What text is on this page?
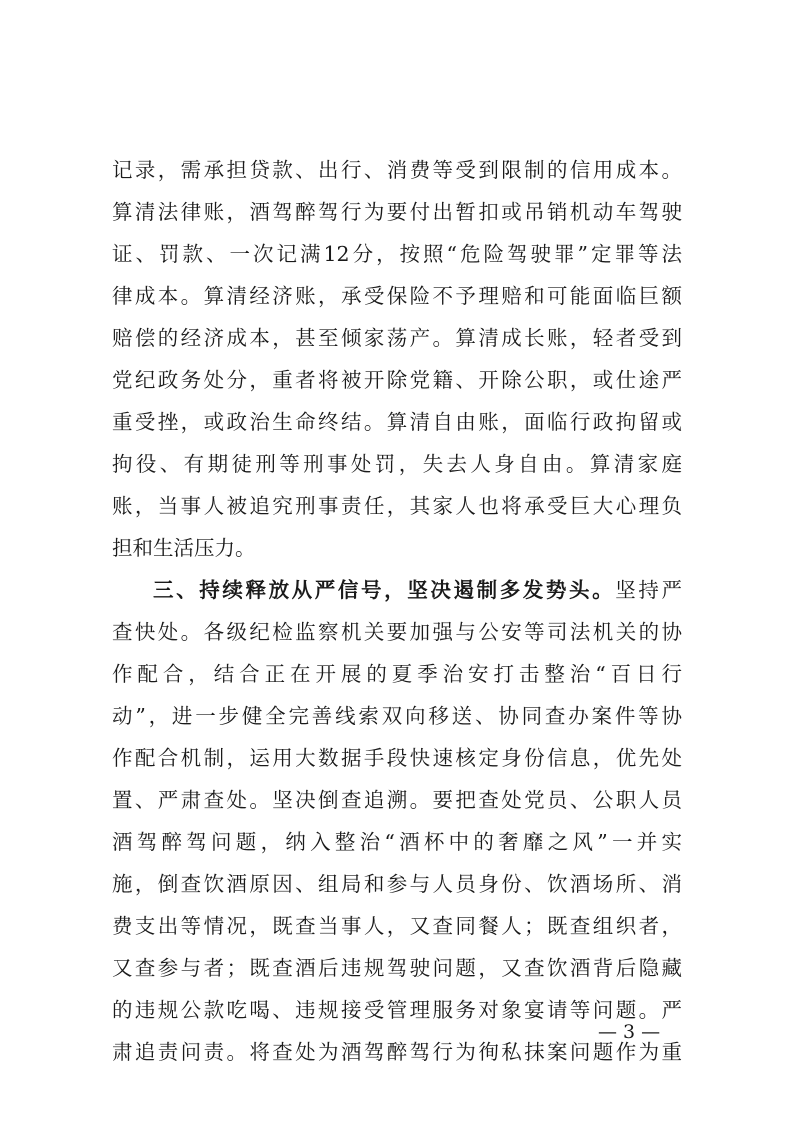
记录，需承担贷款、出行、消费等受到限制的信用成本。
算清法律账，酒驾醉驾行为要付出暂扣或吊销机动车驾驶
证、罚款、一次记满12分，按照“危险驾驶罪”定罪等法
律成本。算清经济账，承受保险不予理赔和可能面临巨额
赔偿的经济成本，甚至倾家荡产。算清成长账，轻者受到
党纪政务处分，重者将被开除党籍、开除公职，或仕途严
重受挫，或政治生命终结。算清自由账，面临行政拘留或
拘役、有期徒刑等刑事处罚，失去人身自由。算清家庭
账，当事人被追究刑事责任，其家人也将承受巨大心理负
担和生活压力。
三、持续释放从严信号，坚决遏制多发势头。坚持严
查快处。各级纪检监察机关要加强与公安等司法机关的协
作配合，结合正在开展的夏季治安打击整治“百日行
动”，进一步健全完善线索双向移送、协同查办案件等协
作配合机制，运用大数据手段快速核定身份信息，优先处
置、严肃查处。坚决倒查追溯。要把查处党员、公职人员
酒驾醉驾问题，纳入整治“酒杯中的奢靡之风”一并实
施，倒查饮酒原因、组局和参与人员身份、饮酒场所、消
费支出等情况，既查当事人，又查同餐人；既查组织者，
又查参与者；既查酒后违规驾驶问题，又查饮酒背后隐藏
的违规公款吃喝、违规接受管理服务对象宴请等问题。严
肃追责问责。将查处为酒驾醉驾行为徇私抹案问题作为重
— 3 —
